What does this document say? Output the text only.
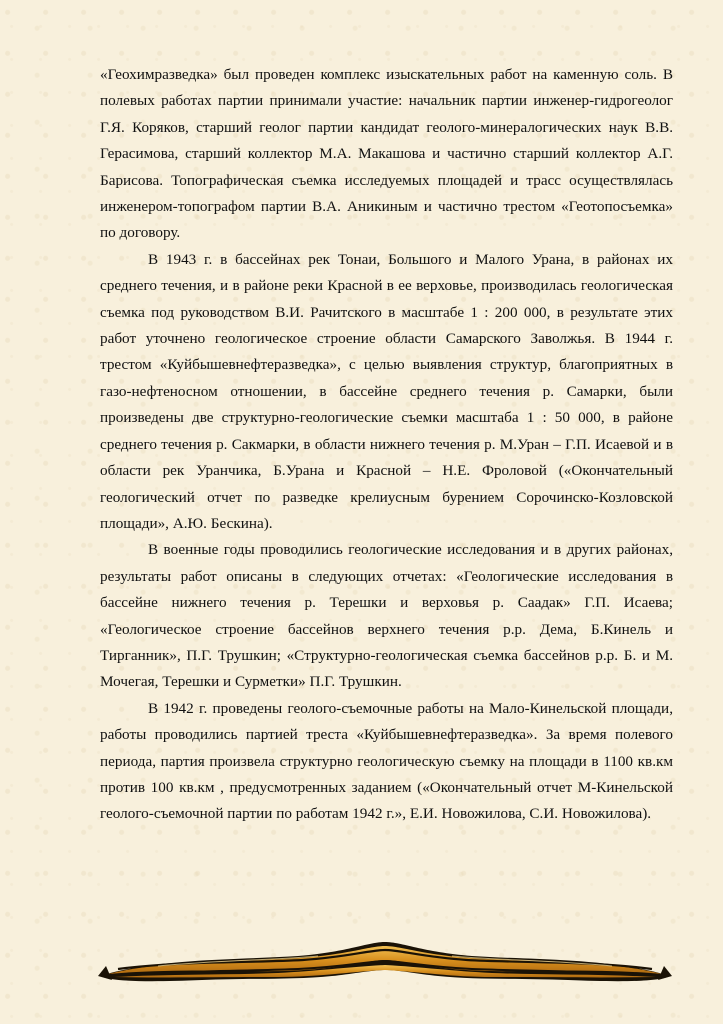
«Геохимразведка» был проведен комплекс изыскательных работ на каменную соль. В полевых работах партии принимали участие: начальник партии инженер-гидрогеолог Г.Я. Коряков, старший геолог партии кандидат геолого-минералогических наук В.В. Герасимова, старший коллектор М.А. Макашова и частично старший коллектор А.Г. Барисова. Топографическая съемка исследуемых площадей и трасс осуществлялась инженером-топографом партии В.А. Аникиным и частично трестом «Геотопосъемка» по договору.

В 1943 г. в бассейнах рек Тонаи, Большого и Малого Урана, в районах их среднего течения, и в районе реки Красной в ее верховье, производилась геологическая съемка под руководством В.И. Рачитского в масштабе 1 : 200 000, в результате этих работ уточнено геологическое строение области Самарского Заволжья. В 1944 г. трестом «Куйбышевнефтеразведка», с целью выявления структур, благоприятных в газо-нефтеносном отношении, в бассейне среднего течения р. Самарки, были произведены две структурно-геологические съемки масштаба 1 : 50 000, в районе среднего течения р. Сакмарки, в области нижнего течения р. М.Уран – Г.П. Исаевой и в области рек Уранчика, Б.Урана и Красной – Н.Е. Фроловой («Окончательный геологический отчет по разведке крелиусным бурением Сорочинско-Козловской площади», А.Ю. Бескина).

В военные годы проводились геологические исследования и в других районах, результаты работ описаны в следующих отчетах: «Геологические исследования в бассейне нижнего течения р. Терешки и верховья р. Саадак» Г.П. Исаева; «Геологическое строение бассейнов верхнего течения р.р. Дема, Б.Кинель и Тирганник», П.Г. Трушкин; «Структурно-геологическая съемка бассейнов р.р. Б. и М. Мочегая, Терешки и Сурметки» П.Г. Трушкин.

В 1942 г. проведены геолого-съемочные работы на Мало-Кинельской площади, работы проводились партией треста «Куйбышевнефтеразведка». За время полевого периода, партия произвела структурно геологическую съемку на площади в 1100 кв.км против 100 кв.км , предусмотренных заданием («Окончательный отчет М-Кинельской геолого-съемочной партии по работам 1942 г.», Е.И. Новожилова, С.И. Новожилова).
